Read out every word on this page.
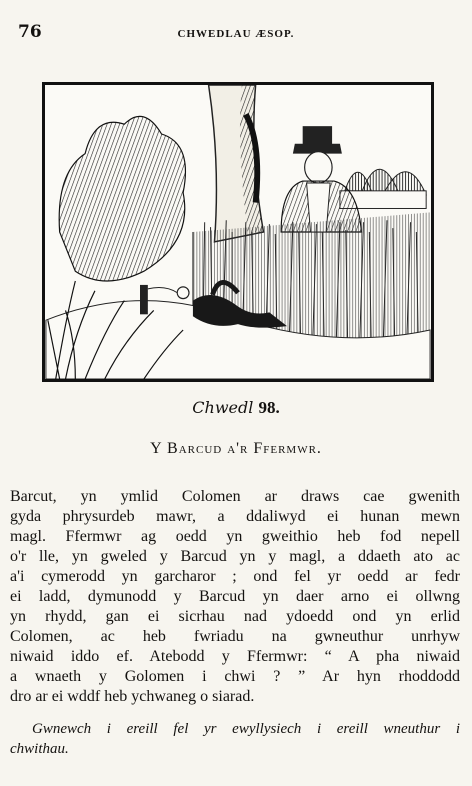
76	CHWEDLAU ÆSOP.
Chwedl 98.
Y Barcud a'r Ffermwr.
Barcut, yn ymlid Colomen ar draws cae gwenith
gyda phrysurdeb mawr, a ddaliwyd ei hunan mewn
magl. Ffermwr ag oedd yn gweithio heb fod nepell
o'r lle, yn gweled y Barcud yn y magl, a ddaeth ato ac
a'i cymerodd yn garcharor ; ond fel yr oedd ar fedr
ei ladd, dymunodd y Barcud yn daer arno ei ollwng
yn rhydd, gan ei sicrhau nad ydoedd ond yn erlid
Colomen, ac heb fwriadu na gwneuthur unrhyw
niwaid iddo ef. Atebodd y Ffermwr: “ A pha niwaid
a wnaeth y Golomen i chwi ? ” Ar hyn rhoddodd
dro ar ei wddf heb ychwaneg o siarad.
Gwnewch i ereill fel yr ewyllysiech i ereill wneuthur i
chwithau.
